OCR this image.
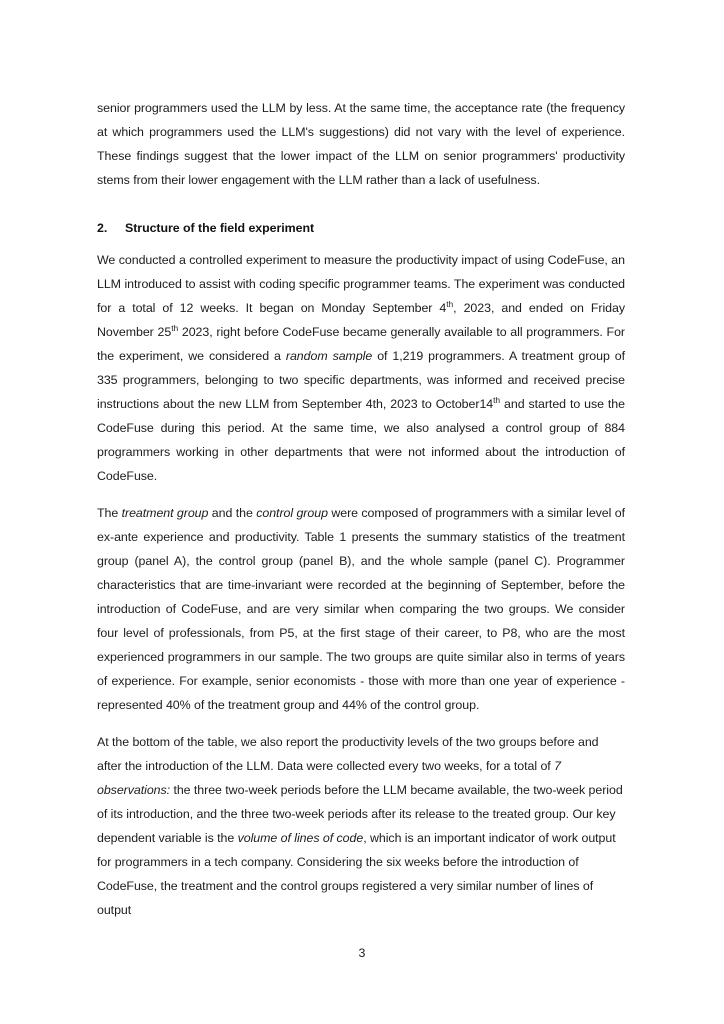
senior programmers used the LLM by less. At the same time, the acceptance rate (the frequency at which programmers used the LLM's suggestions) did not vary with the level of experience. These findings suggest that the lower impact of the LLM on senior programmers' productivity stems from their lower engagement with the LLM rather than a lack of usefulness.

2. Structure of the field experiment

We conducted a controlled experiment to measure the productivity impact of using CodeFuse, an LLM introduced to assist with coding specific programmer teams. The experiment was conducted for a total of 12 weeks. It began on Monday September 4th, 2023, and ended on Friday November 25th 2023, right before CodeFuse became generally available to all programmers. For the experiment, we considered a random sample of 1,219 programmers. A treatment group of 335 programmers, belonging to two specific departments, was informed and received precise instructions about the new LLM from September 4th, 2023 to October14th and started to use the CodeFuse during this period. At the same time, we also analysed a control group of 884 programmers working in other departments that were not informed about the introduction of CodeFuse.

The treatment group and the control group were composed of programmers with a similar level of ex-ante experience and productivity. Table 1 presents the summary statistics of the treatment group (panel A), the control group (panel B), and the whole sample (panel C). Programmer characteristics that are time-invariant were recorded at the beginning of September, before the introduction of CodeFuse, and are very similar when comparing the two groups. We consider four level of professionals, from P5, at the first stage of their career, to P8, who are the most experienced programmers in our sample. The two groups are quite similar also in terms of years of experience. For example, senior economists - those with more than one year of experience - represented 40% of the treatment group and 44% of the control group.

At the bottom of the table, we also report the productivity levels of the two groups before and after the introduction of the LLM. Data were collected every two weeks, for a total of 7 observations: the three two-week periods before the LLM became available, the two-week period of its introduction, and the three two-week periods after its release to the treated group. Our key dependent variable is the volume of lines of code, which is an important indicator of work output for programmers in a tech company. Considering the six weeks before the introduction of CodeFuse, the treatment and the control groups registered a very similar number of lines of output

3
